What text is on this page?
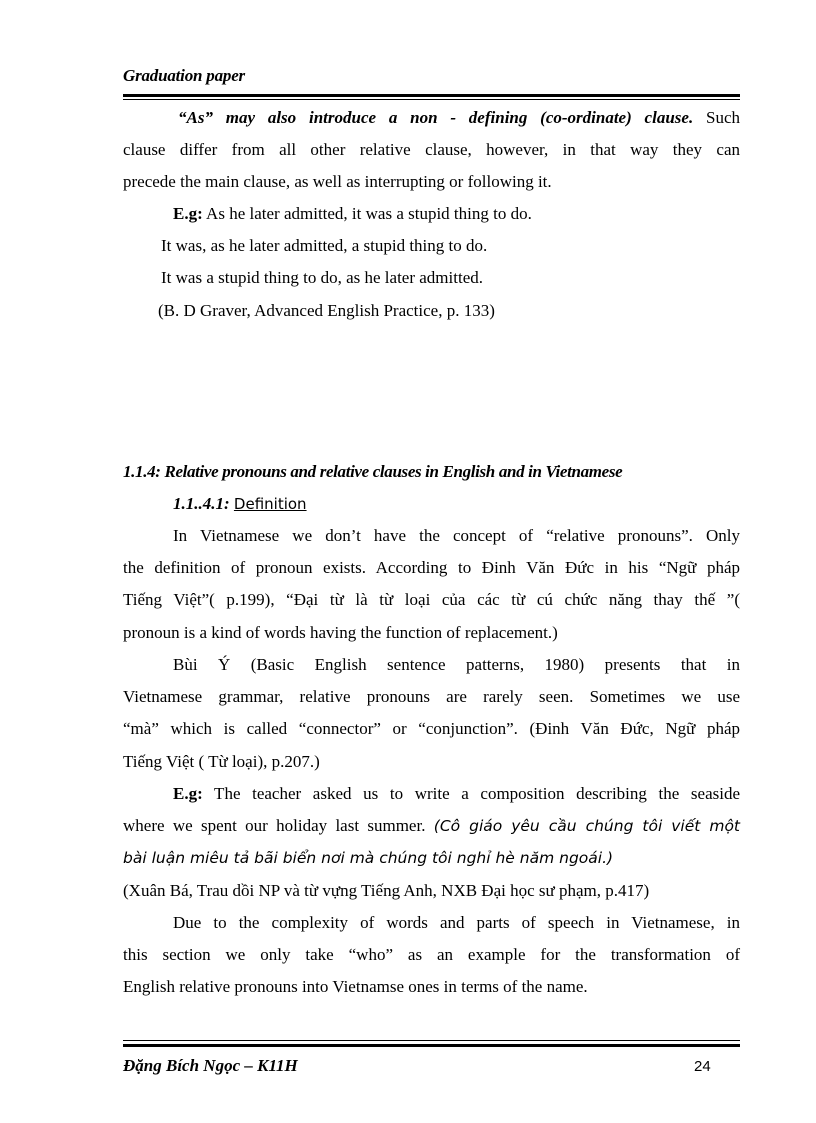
Graduation paper
“As” may also introduce a non - defining (co-ordinate) clause. Such
clause differ from all other relative clause, however, in that way they can
precede the main clause, as well as interrupting or following it.
E.g: As he later admitted, it was a stupid thing to do.
It was, as he later admitted, a stupid thing to do.
It was a stupid thing to do, as he later admitted.
(B. D Graver, Advanced English Practice, p. 133)
1.1.4: Relative pronouns and relative clauses in English and in Vietnamese
1.1..4.1: Definition
In Vietnamese we don’t have the concept of “relative pronouns”. Only
the definition of pronoun exists. According to Đinh Văn Đức in his “Ngữ pháp
Tiếng Việt”( p.199), “Đại từ là từ loại của các từ cú chức năng thay thế ”(
pronoun is a kind of words having the function of replacement.)
Bùi Ý (Basic English sentence patterns, 1980) presents that in
Vietnamese grammar, relative pronouns are rarely seen. Sometimes we use
“mà” which is called “connector” or “conjunction”. (Đinh Văn Đức, Ngữ pháp
Tiếng Việt ( Từ loại), p.207.)
E.g: The teacher asked us to write a composition describing the seaside
where we spent our holiday last summer. (Cô giáo yêu cầu chúng tôi viết một
bài luận miêu tả bãi biển nơi mà chúng tôi nghỉ hè năm ngoái.)
(Xuân Bá, Trau dồi NP và từ vựng Tiếng Anh, NXB Đại học sư phạm, p.417)
Due to the complexity of words and parts of speech in Vietnamese, in
this section we only take “who” as an example for the transformation of
English relative pronouns into Vietnamse ones in terms of the name.
Đặng Bích Ngọc – K11H	24
